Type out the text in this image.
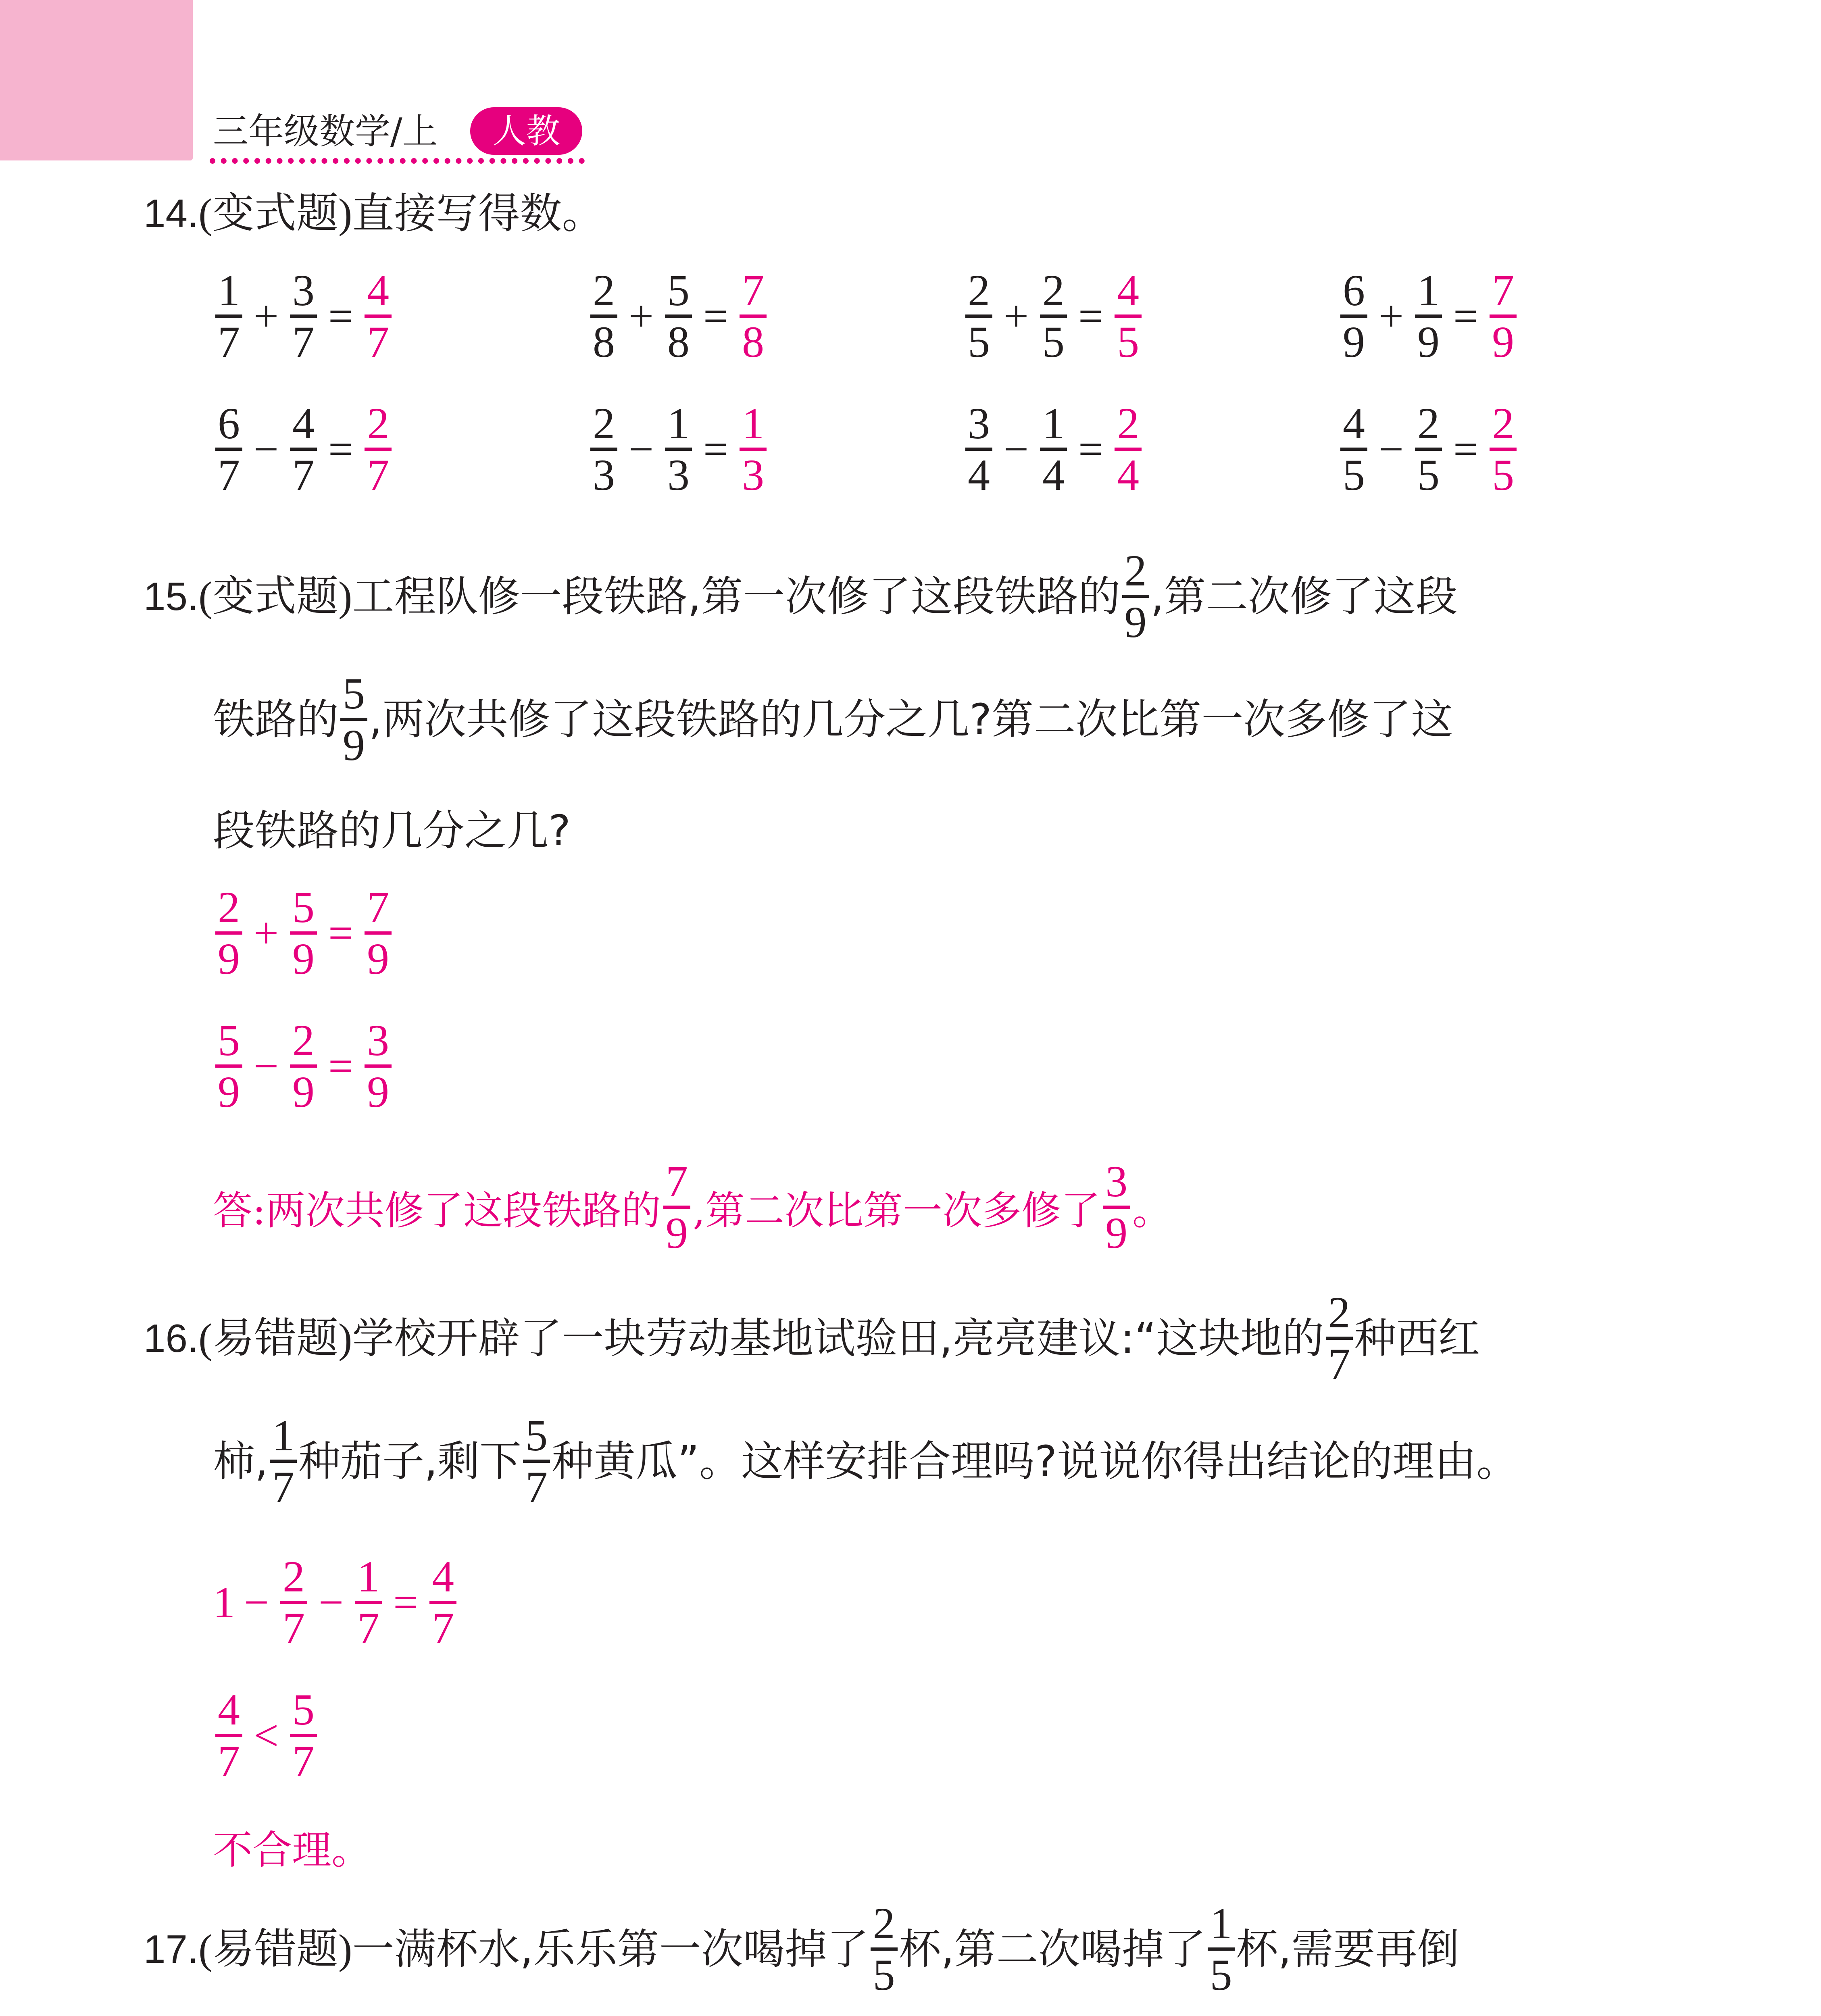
三年级数学/上	人教
14. (变式题) 直接写得数。
$\frac{1}{7} + \frac{3}{7} = \frac{4}{7}$	$\frac{2}{8} + \frac{5}{8} = \frac{7}{8}$	$\frac{2}{5} + \frac{2}{5} = \frac{4}{5}$	$\frac{6}{9} + \frac{1}{9} = \frac{7}{9}$
$\frac{6}{7} - \frac{4}{7} = \frac{2}{7}$	$\frac{2}{3} - \frac{1}{3} = \frac{1}{3}$	$\frac{3}{4} - \frac{1}{4} = \frac{2}{4}$	$\frac{4}{5} - \frac{2}{5} = \frac{2}{5}$
15. (变式题) 工程队修一段铁路,第一次修了这段铁路的 $\frac{2}{9}$ ,第二次修了这段
铁路的 $\frac{5}{9}$ ,两次共修了这段铁路的几分之几?第二次比第一次多修了这
段铁路的几分之几?
$\frac{2}{9} + \frac{5}{9} = \frac{7}{9}$
$\frac{5}{9} - \frac{2}{9} = \frac{3}{9}$
答:两次共修了这段铁路的 $\frac{7}{9}$ ,第二次比第一次多修了 $\frac{3}{9}$ 。
16. (易错题) 学校开辟了一块劳动基地试验田,亮亮建议:“这块地的 $\frac{2}{7}$ 种西红
柿, $\frac{1}{7}$ 种茄子,剩下 $\frac{5}{7}$ 种黄瓜”。这样安排合理吗?说说你得出结论的理由。
$1 - \frac{2}{7} - \frac{1}{7} = \frac{4}{7}$
$\frac{4}{7} < \frac{5}{7}$
不合理。
17. (易错题) 一满杯水,乐乐第一次喝掉了 $\frac{2}{5}$ 杯,第二次喝掉了 $\frac{1}{5}$ 杯,需要再倒
